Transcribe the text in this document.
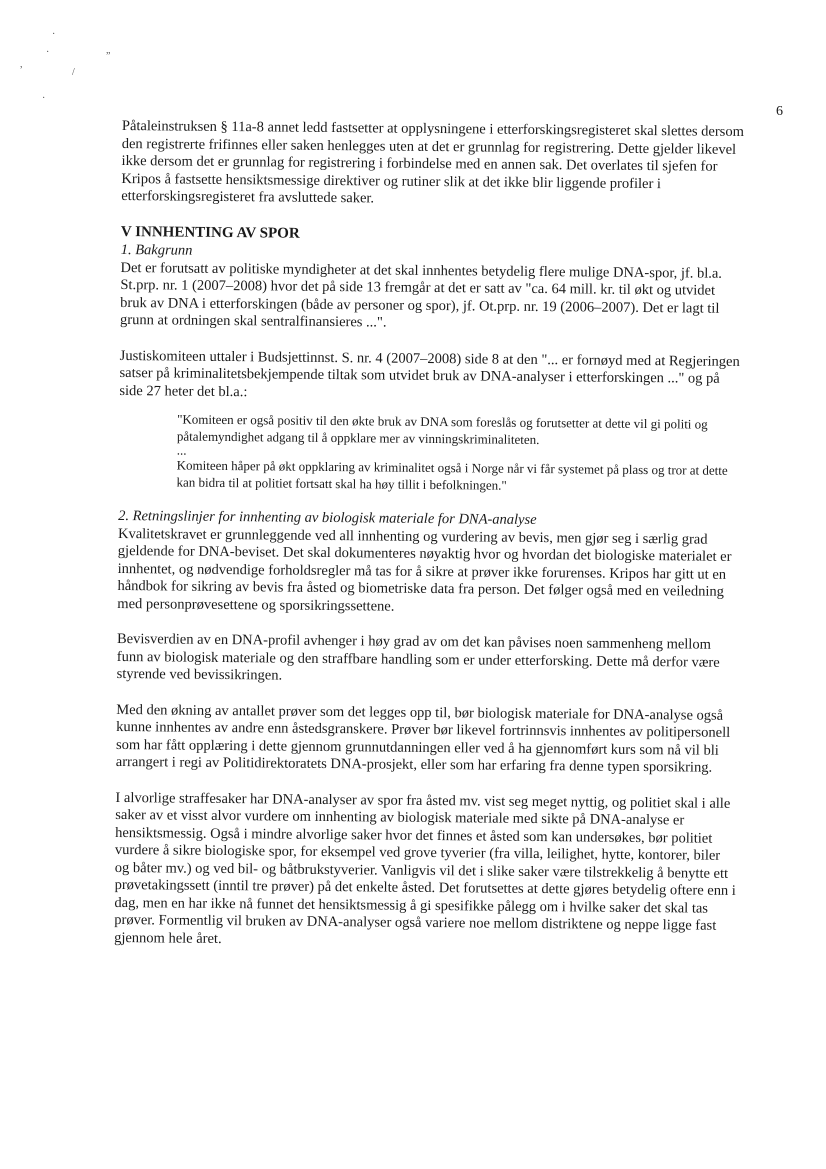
·
·	„
,
/
·
6

Påtaleinstruksen § 11a-8 annet ledd fastsetter at opplysningene i etterforskingsregisteret skal slettes dersom den registrerte frifinnes eller saken henlegges uten at det er grunnlag for registrering. Dette gjelder likevel ikke dersom det er grunnlag for registrering i forbindelse med en annen sak. Det overlates til sjefen for Kripos å fastsette hensiktsmessige direktiver og rutiner slik at det ikke blir liggende profiler i etterforskingsregisteret fra avsluttede saker.

V INNHENTING AV SPOR

1. Bakgrunn

Det er forutsatt av politiske myndigheter at det skal innhentes betydelig flere mulige DNA-spor, jf. bl.a. St.prp. nr. 1 (2007–2008) hvor det på side 13 fremgår at det er satt av "ca. 64 mill. kr. til økt og utvidet bruk av DNA i etterforskingen (både av personer og spor), jf. Ot.prp. nr. 19 (2006–2007). Det er lagt til grunn at ordningen skal sentralfinansieres ...".

Justiskomiteen uttaler i Budsjettinnst. S. nr. 4 (2007–2008) side 8 at den "... er fornøyd med at Regjeringen satser på kriminalitetsbekjempende tiltak som utvidet bruk av DNA-analyser i etterforskingen ..." og på side 27 heter det bl.a.:

"Komiteen er også positiv til den økte bruk av DNA som foreslås og forutsetter at dette vil gi politi og påtalemyndighet adgang til å oppklare mer av vinningskriminaliteten.

...

Komiteen håper på økt oppklaring av kriminalitet også i Norge når vi får systemet på plass og tror at dette kan bidra til at politiet fortsatt skal ha høy tillit i befolkningen."

2. Retningslinjer for innhenting av biologisk materiale for DNA-analyse

Kvalitetskravet er grunnleggende ved all innhenting og vurdering av bevis, men gjør seg i særlig grad gjeldende for DNA-beviset. Det skal dokumenteres nøyaktig hvor og hvordan det biologiske materialet er innhentet, og nødvendige forholdsregler må tas for å sikre at prøver ikke forurenses. Kripos har gitt ut en håndbok for sikring av bevis fra åsted og biometriske data fra person. Det følger også med en veiledning med personprøvesettene og sporsikringssettene.

Bevisverdien av en DNA-profil avhenger i høy grad av om det kan påvises noen sammenheng mellom funn av biologisk materiale og den straffbare handling som er under etterforsking. Dette må derfor være styrende ved bevissikringen.

Med den økning av antallet prøver som det legges opp til, bør biologisk materiale for DNA-analyse også kunne innhentes av andre enn åstedsgranskere. Prøver bør likevel fortrinnsvis innhentes av politipersonell som har fått opplæring i dette gjennom grunnutdanningen eller ved å ha gjennomført kurs som nå vil bli arrangert i regi av Politidirektoratets DNA-prosjekt, eller som har erfaring fra denne typen sporsikring.

I alvorlige straffesaker har DNA-analyser av spor fra åsted mv. vist seg meget nyttig, og politiet skal i alle saker av et visst alvor vurdere om innhenting av biologisk materiale med sikte på DNA-analyse er hensiktsmessig. Også i mindre alvorlige saker hvor det finnes et åsted som kan undersøkes, bør politiet vurdere å sikre biologiske spor, for eksempel ved grove tyverier (fra villa, leilighet, hytte, kontorer, biler og båter mv.) og ved bil- og båtbrukstyverier. Vanligvis vil det i slike saker være tilstrekkelig å benytte ett prøvetakingssett (inntil tre prøver) på det enkelte åsted. Det forutsettes at dette gjøres betydelig oftere enn i dag, men en har ikke nå funnet det hensiktsmessig å gi spesifikke pålegg om i hvilke saker det skal tas prøver. Formentlig vil bruken av DNA-analyser også variere noe mellom distriktene og neppe ligge fast gjennom hele året.
